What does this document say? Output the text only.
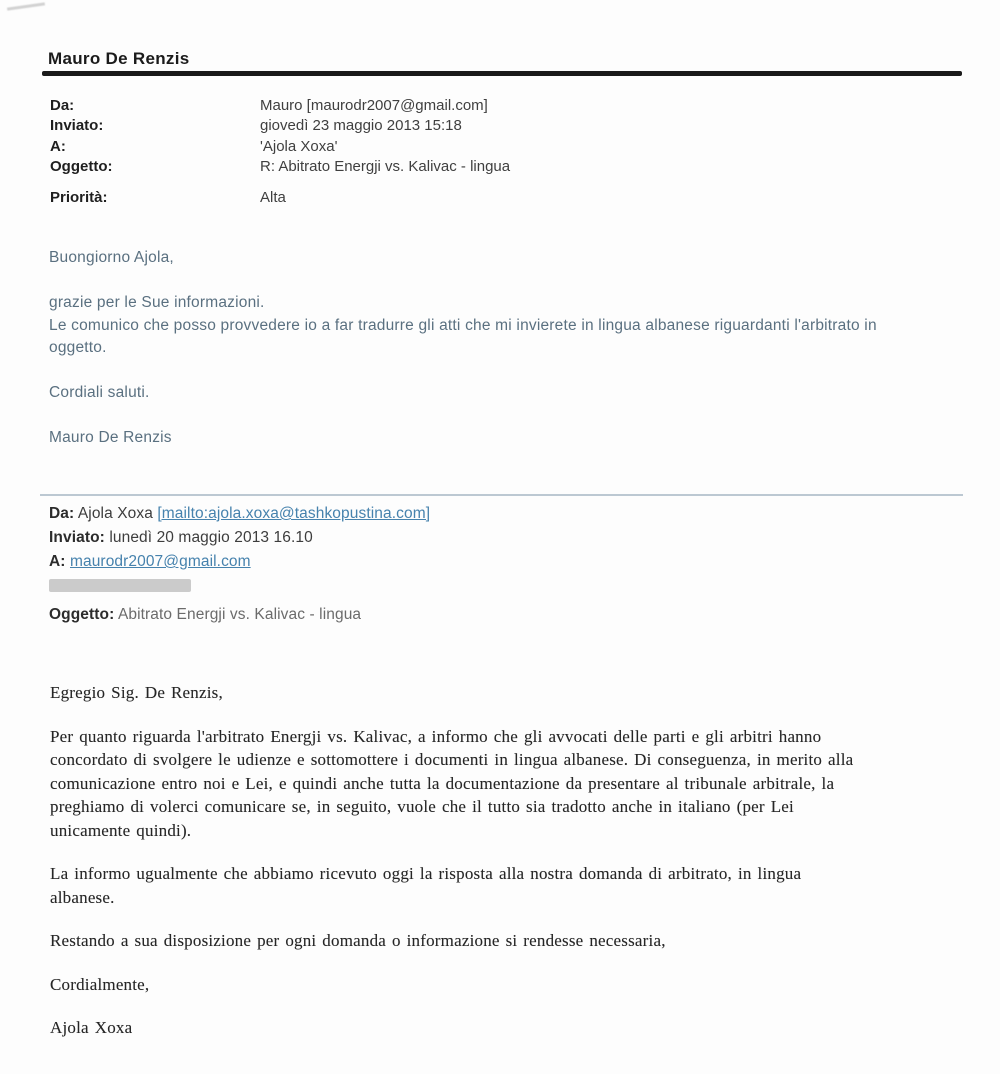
Mauro De Renzis
Da:	Mauro [maurodr2007@gmail.com]
Inviato:	giovedì 23 maggio 2013 15:18
A:	'Ajola Xoxa'
Oggetto:	R: Abitrato Energji vs. Kalivac - lingua
Priorità:	Alta
Buongiorno Ajola,
grazie per le Sue informazioni.
Le comunico che posso provvedere io a far tradurre gli atti che mi invierete in lingua albanese riguardanti l'arbitrato in
oggetto.
Cordiali saluti.
Mauro De Renzis
Da: Ajola Xoxa [mailto:ajola.xoxa@tashkopustina.com]
Inviato: lunedì 20 maggio 2013 16.10
A: maurodr2007@gmail.com
Oggetto: Abitrato Energji vs. Kalivac - lingua

Egregio Sig. De Renzis,

Per quanto riguarda l'arbitrato Energji vs. Kalivac, a informo che gli avvocati delle parti e gli arbitri hanno
concordato di svolgere le udienze e sottomottere i documenti in lingua albanese. Di conseguenza, in merito alla
comunicazione entro noi e Lei, e quindi anche tutta la documentazione da presentare al tribunale arbitrale, la
preghiamo di volerci comunicare se, in seguito, vuole che il tutto sia tradotto anche in italiano (per Lei
unicamente quindi).

La informo ugualmente che abbiamo ricevuto oggi la risposta alla nostra domanda di arbitrato, in lingua
albanese.

Restando a sua disposizione per ogni domanda o informazione si rendesse necessaria,

Cordialmente,

Ajola Xoxa
